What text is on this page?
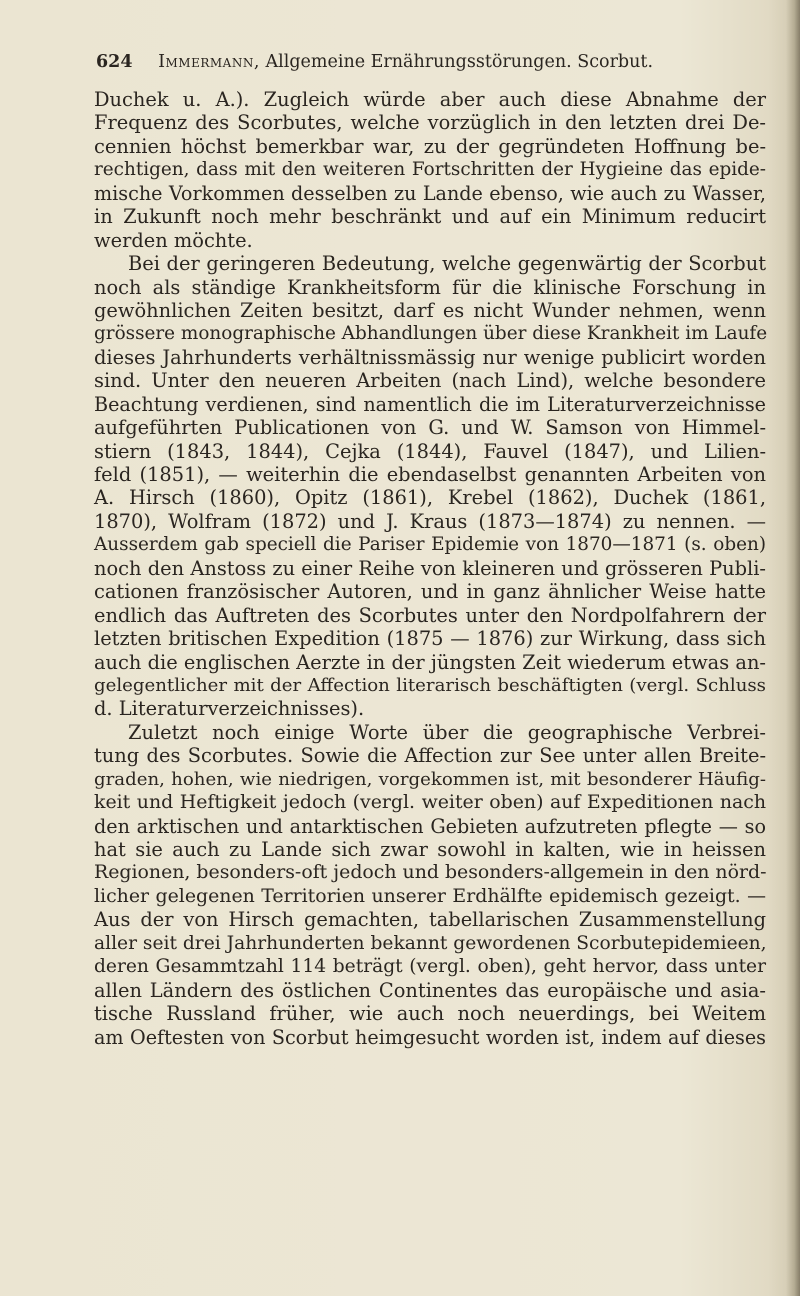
624 Immermann, Allgemeine Ernährungsstörungen. Scorbut.
Duchek u. A.). Zugleich würde aber auch diese Abnahme der
Frequenz des Scorbutes, welche vorzüglich in den letzten drei De-
cennien höchst bemerkbar war, zu der gegründeten Hoffnung be-
rechtigen, dass mit den weiteren Fortschritten der Hygieine das epide-
mische Vorkommen desselben zu Lande ebenso, wie auch zu Wasser,
in Zukunft noch mehr beschränkt und auf ein Minimum reducirt
werden möchte.
Bei der geringeren Bedeutung, welche gegenwärtig der Scorbut
noch als ständige Krankheitsform für die klinische Forschung in
gewöhnlichen Zeiten besitzt, darf es nicht Wunder nehmen, wenn
grössere monographische Abhandlungen über diese Krankheit im Laufe
dieses Jahrhunderts verhältnissmässig nur wenige publicirt worden
sind. Unter den neueren Arbeiten (nach Lind), welche besondere
Beachtung verdienen, sind namentlich die im Literaturverzeichnisse
aufgeführten Publicationen von G. und W. Samson von Himmel-
stiern (1843, 1844), Cejka (1844), Fauvel (1847), und Lilien-
feld (1851), — weiterhin die ebendaselbst genannten Arbeiten von
A. Hirsch (1860), Opitz (1861), Krebel (1862), Duchek (1861,
1870), Wolfram (1872) und J. Kraus (1873—1874) zu nennen. —
Ausserdem gab speciell die Pariser Epidemie von 1870—1871 (s. oben)
noch den Anstoss zu einer Reihe von kleineren und grösseren Publi-
cationen französischer Autoren, und in ganz ähnlicher Weise hatte
endlich das Auftreten des Scorbutes unter den Nordpolfahrern der
letzten britischen Expedition (1875 — 1876) zur Wirkung, dass sich
auch die englischen Aerzte in der jüngsten Zeit wiederum etwas an-
gelegentlicher mit der Affection literarisch beschäftigten (vergl. Schluss
d. Literaturverzeichnisses).
Zuletzt noch einige Worte über die geographische Verbrei-
tung des Scorbutes. Sowie die Affection zur See unter allen Breite-
graden, hohen, wie niedrigen, vorgekommen ist, mit besonderer Häufig-
keit und Heftigkeit jedoch (vergl. weiter oben) auf Expeditionen nach
den arktischen und antarktischen Gebieten aufzutreten pflegte — so
hat sie auch zu Lande sich zwar sowohl in kalten, wie in heissen
Regionen, besonders-oft jedoch und besonders-allgemein in den nörd-
licher gelegenen Territorien unserer Erdhälfte epidemisch gezeigt. —
Aus der von Hirsch gemachten, tabellarischen Zusammenstellung
aller seit drei Jahrhunderten bekannt gewordenen Scorbutepidemieen,
deren Gesammtzahl 114 beträgt (vergl. oben), geht hervor, dass unter
allen Ländern des östlichen Continentes das europäische und asia-
tische Russland früher, wie auch noch neuerdings, bei Weitem
am Oeftesten von Scorbut heimgesucht worden ist, indem auf dieses
